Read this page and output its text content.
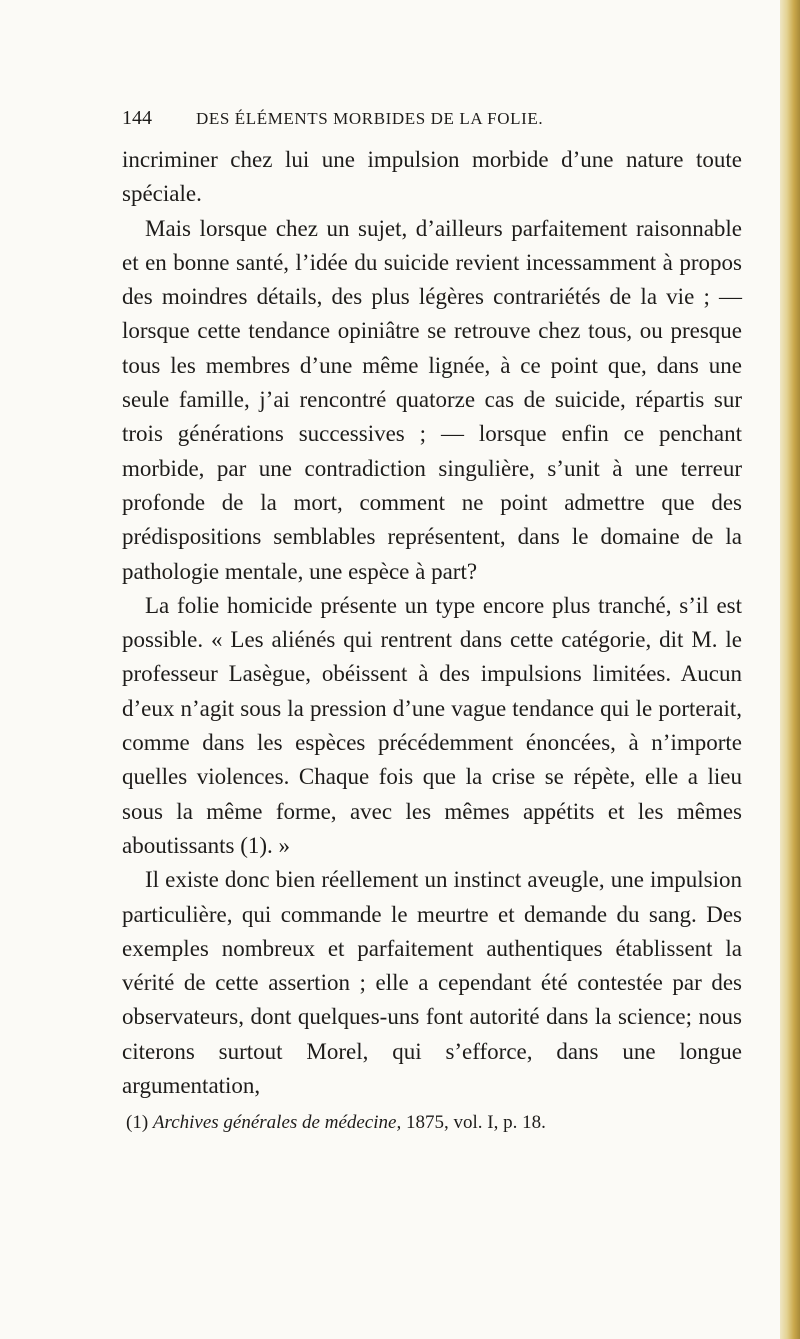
144	DES ÉLÉMENTS MORBIDES DE LA FOLIE.

incriminer chez lui une impulsion morbide d’une nature toute spéciale.

Mais lorsque chez un sujet, d’ailleurs parfaitement raisonnable et en bonne santé, l’idée du suicide revient incessamment à propos des moindres détails, des plus légères contrariétés de la vie ; — lorsque cette tendance opiniâtre se retrouve chez tous, ou presque tous les membres d’une même lignée, à ce point que, dans une seule famille, j’ai rencontré quatorze cas de suicide, répartis sur trois générations successives ; — lorsque enfin ce penchant morbide, par une contradiction singulière, s’unit à une terreur profonde de la mort, comment ne point admettre que des prédispositions semblables représentent, dans le domaine de la pathologie mentale, une espèce à part?

La folie homicide présente un type encore plus tranché, s’il est possible. « Les aliénés qui rentrent dans cette catégorie, dit M. le professeur Lasègue, obéissent à des impulsions limitées. Aucun d’eux n’agit sous la pression d’une vague tendance qui le porterait, comme dans les espèces précédemment énoncées, à n’importe quelles violences. Chaque fois que la crise se répète, elle a lieu sous la même forme, avec les mêmes appétits et les mêmes aboutissants (1). »

Il existe donc bien réellement un instinct aveugle, une impulsion particulière, qui commande le meurtre et demande du sang. Des exemples nombreux et parfaitement authentiques établissent la vérité de cette assertion ; elle a cependant été contestée par des observateurs, dont quelques-uns font autorité dans la science; nous citerons surtout Morel, qui s’efforce, dans une longue argumentation,

(1) Archives générales de médecine, 1875, vol. I, p. 18.
